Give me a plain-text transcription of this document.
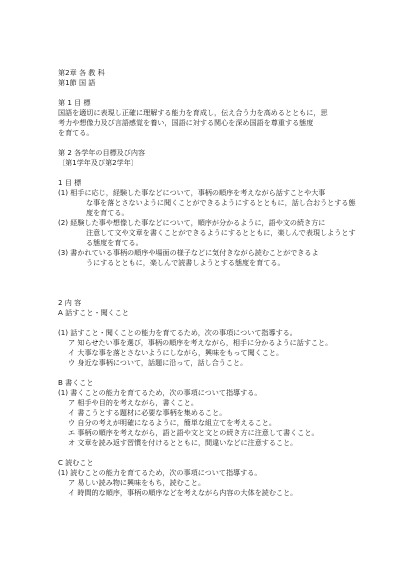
第2章 各 教 科

第1節 国 語

第 1 目 標

国語を適切に表現し正確に理解する能力を育成し，伝え合う力を高めるとともに，思

考力や想像力及び言語感覚を養い，国語に対する関心を深め国語を尊重する態度

を育てる。

第 2 各学年の目標及び内容

〔第1学年及び第2学年〕

1 目 標

(1) 相手に応じ，経験した事などについて，事柄の順序を考えながら話すことや大事

な事を落とさないように聞くことができるようにするとともに，話し合おうとする態

度を育てる。

(2) 経験した事や想像した事などについて，順序が分かるように，語や文の続き方に

注意して文や文章を書くことができるようにするとともに，楽しんで表現しようとす

る態度を育てる。

(3) 書かれている事柄の順序や場面の様子などに気付きながら読むことができるよ

うにするとともに，楽しんで読書しようとする態度を育てる。

2 内 容

A 話すこと・聞くこと

(1) 話すこと・聞くことの能力を育てるため，次の事項について指導する。

ア 知らせたい事を選び，事柄の順序を考えながら，相手に分かるように話すこと。

イ 大事な事を落とさないようにしながら，興味をもって聞くこと。

ウ 身近な事柄について，話題に沿って，話し合うこと。

B 書くこと

(1) 書くことの能力を育てるため，次の事項について指導する。

ア 相手や目的を考えながら，書くこと。

イ 書こうとする題材に必要な事柄を集めること。

ウ 自分の考えが明確になるように，簡単な組立てを考えること。

エ 事柄の順序を考えながら，語と語や文と文との続き方に注意して書くこと。

オ 文章を読み返す習慣を付けるとともに，間違いなどに注意すること。

C 読むこと

(1) 読むことの能力を育てるため，次の事項について指導する。

ア 易しい読み物に興味をもち，読むこと。

イ 時間的な順序，事柄の順序などを考えながら内容の大体を読むこと。
